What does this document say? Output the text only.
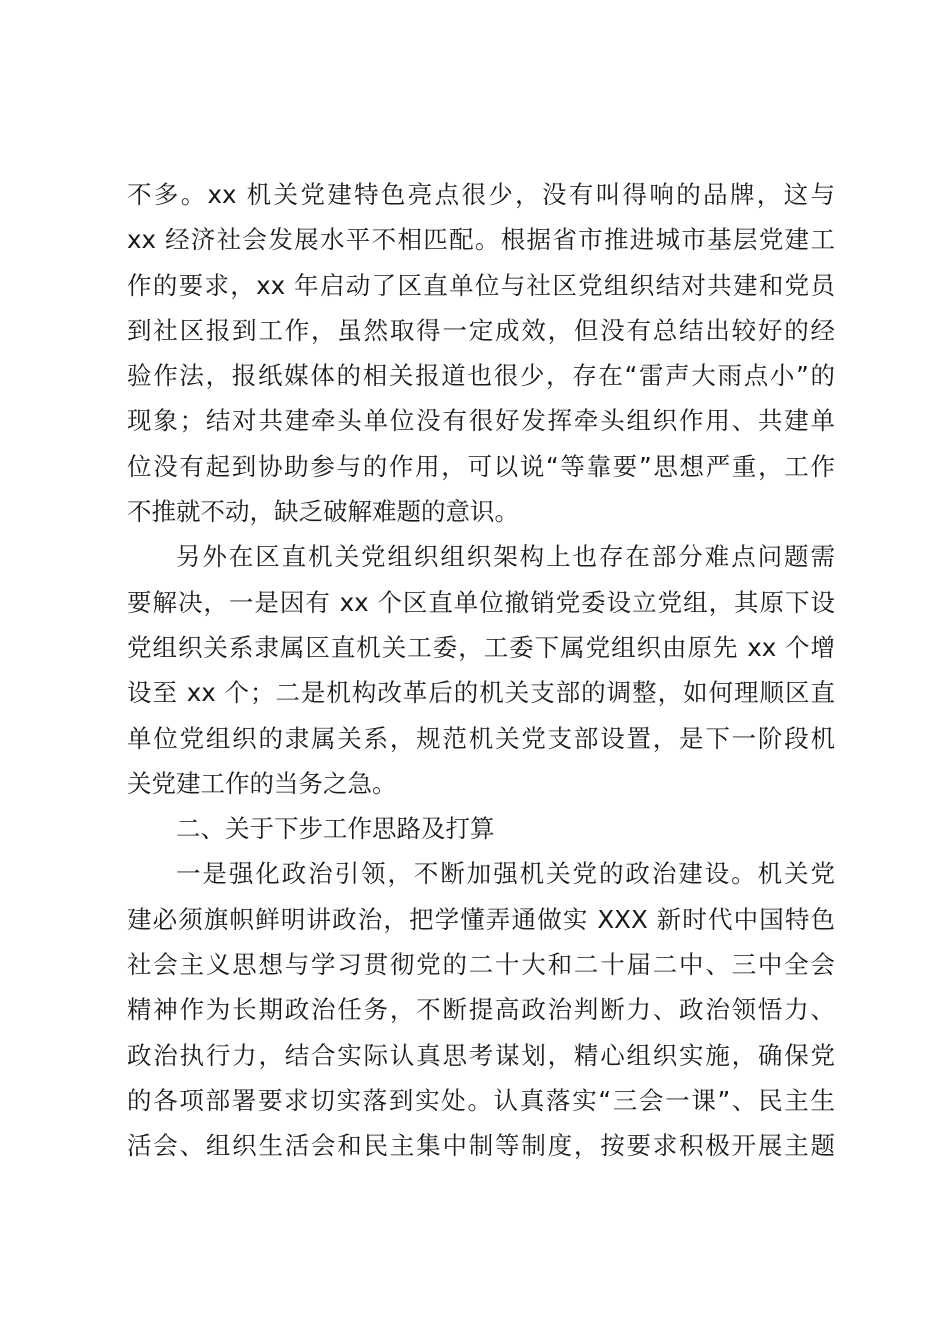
不多。xx 机关党建特色亮点很少，没有叫得响的品牌，这与
xx 经济社会发展水平不相匹配。根据省市推进城市基层党建工
作的要求，xx 年启动了区直单位与社区党组织结对共建和党员
到社区报到工作，虽然取得一定成效，但没有总结出较好的经
验作法，报纸媒体的相关报道也很少，存在“雷声大雨点小”的
现象；结对共建牵头单位没有很好发挥牵头组织作用、共建单
位没有起到协助参与的作用，可以说“等靠要”思想严重，工作
不推就不动，缺乏破解难题的意识。
另外在区直机关党组织组织架构上也存在部分难点问题需
要解决，一是因有 xx 个区直单位撤销党委设立党组，其原下设
党组织关系隶属区直机关工委，工委下属党组织由原先 xx 个增
设至 xx 个；二是机构改革后的机关支部的调整，如何理顺区直
单位党组织的隶属关系，规范机关党支部设置，是下一阶段机
关党建工作的当务之急。
二、关于下步工作思路及打算
一是强化政治引领，不断加强机关党的政治建设。机关党
建必须旗帜鲜明讲政治，把学懂弄通做实 XXX 新时代中国特色
社会主义思想与学习贯彻党的二十大和二十届二中、三中全会
精神作为长期政治任务，不断提高政治判断力、政治领悟力、
政治执行力，结合实际认真思考谋划，精心组织实施，确保党
的各项部署要求切实落到实处。认真落实“三会一课”、民主生
活会、组织生活会和民主集中制等制度，按要求积极开展主题
